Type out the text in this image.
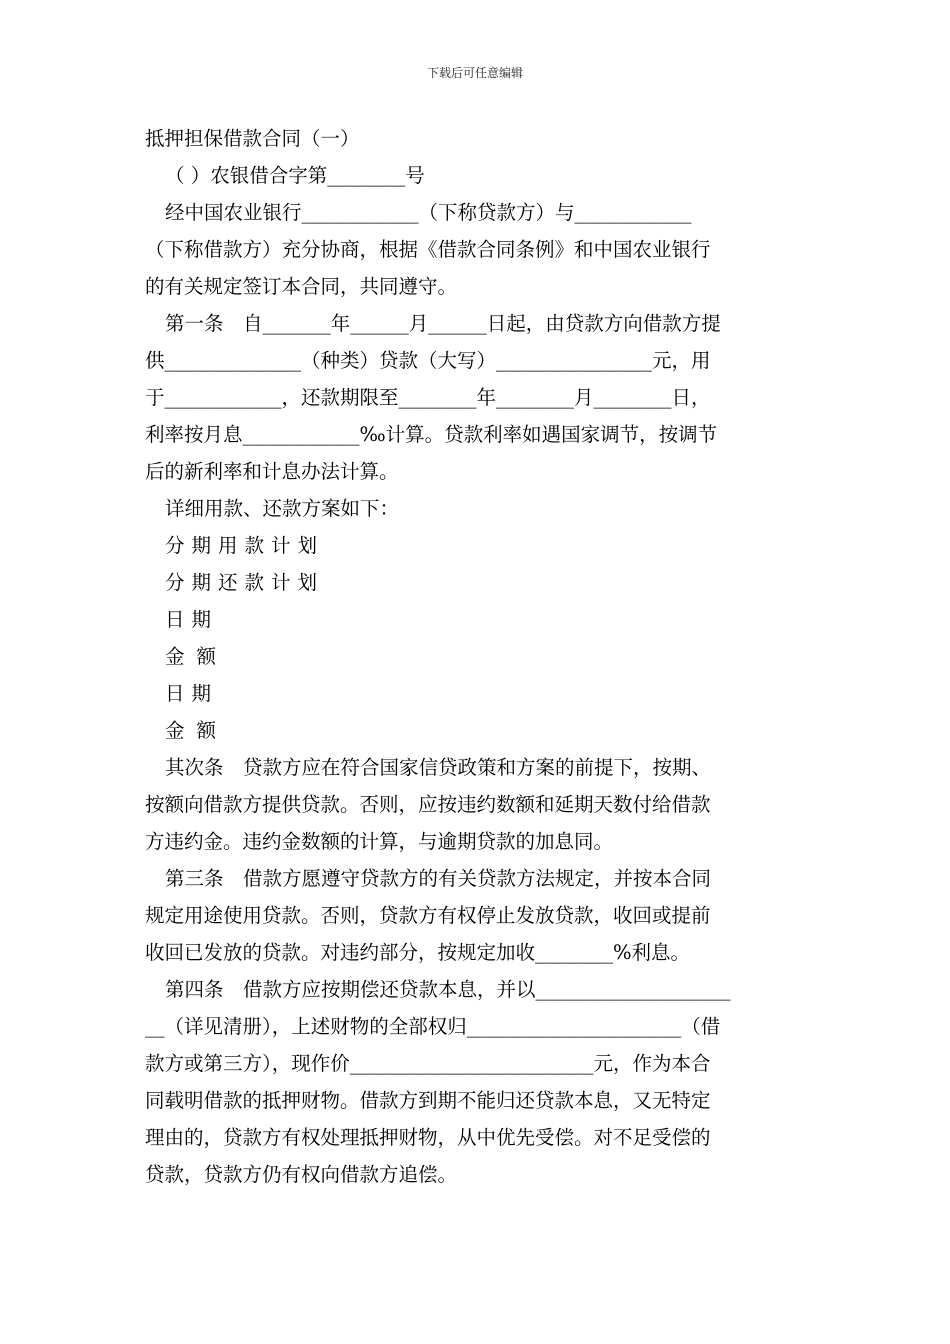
下载后可任意编辑
抵押担保借款合同（一）
（ ）农银借合字第________号
经中国农业银行____________（下称贷款方）与____________
（下称借款方）充分协商，根据《借款合同条例》和中国农业银行
的有关规定签订本合同，共同遵守。
第一条　自_______年______月______日起，由贷款方向借款方提
供______________（种类）贷款（大写）________________元，用
于____________，还款期限至________年________月________日，
利率按月息____________‰计算。贷款利率如遇国家调节，按调节
后的新利率和计息办法计算。
详细用款、还款方案如下：
分期用款计划
分期还款计划
日期
金额
日期
金额
其次条　贷款方应在符合国家信贷政策和方案的前提下，按期、
按额向借款方提供贷款。否则，应按违约数额和延期天数付给借款
方违约金。违约金数额的计算，与逾期贷款的加息同。
第三条　借款方愿遵守贷款方的有关贷款方法规定，并按本合同
规定用途使用贷款。否则，贷款方有权停止发放贷款，收回或提前
收回已发放的贷款。对违约部分，按规定加收________%利息。
第四条　借款方应按期偿还贷款本息，并以____________________
__（详见清册），上述财物的全部权归______________________（借
款方或第三方），现作价_________________________元，作为本合
同载明借款的抵押财物。借款方到期不能归还贷款本息，又无特定
理由的，贷款方有权处理抵押财物，从中优先受偿。对不足受偿的
贷款，贷款方仍有权向借款方追偿。
